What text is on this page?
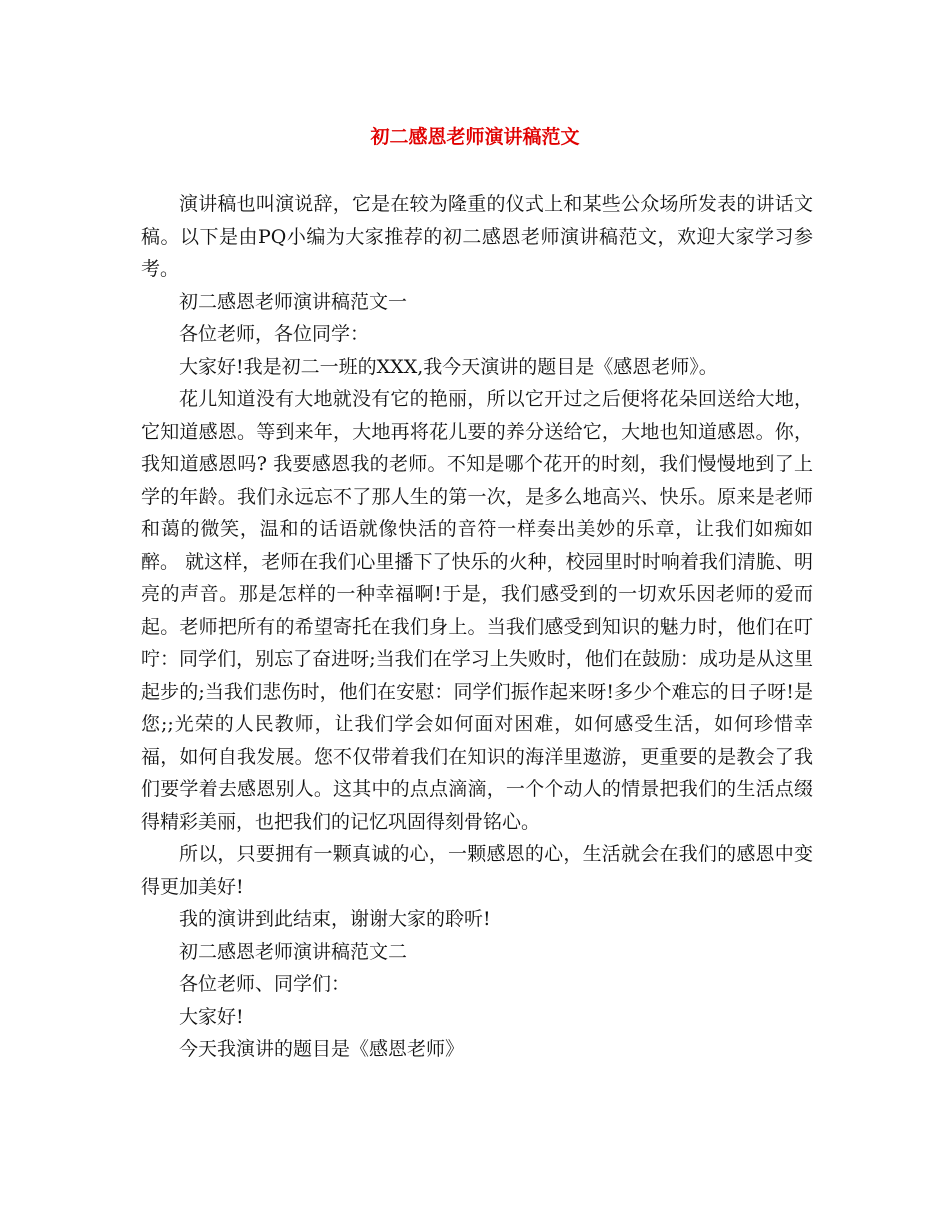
初二感恩老师演讲稿范文

演讲稿也叫演说辞，它是在较为隆重的仪式上和某些公众场所发表的讲话文稿。以下是由PQ小编为大家推荐的初二感恩老师演讲稿范文，欢迎大家学习参考。

初二感恩老师演讲稿范文一

各位老师，各位同学：

大家好!我是初二一班的XXX,我今天演讲的题目是《感恩老师》。

花儿知道没有大地就没有它的艳丽，所以它开过之后便将花朵回送给大地，它知道感恩。等到来年，大地再将花儿要的养分送给它，大地也知道感恩。你，我知道感恩吗? 我要感恩我的老师。不知是哪个花开的时刻，我们慢慢地到了上学的年龄。我们永远忘不了那人生的第一次，是多么地高兴、快乐。原来是老师和蔼的微笑，温和的话语就像快活的音符一样奏出美妙的乐章，让我们如痴如醉。 就这样，老师在我们心里播下了快乐的火种，校园里时时响着我们清脆、明亮的声音。那是怎样的一种幸福啊!于是，我们感受到的一切欢乐因老师的爱而起。老师把所有的希望寄托在我们身上。当我们感受到知识的魅力时，他们在叮咛：同学们，别忘了奋进呀;当我们在学习上失败时，他们在鼓励：成功是从这里起步的;当我们悲伤时，他们在安慰：同学们振作起来呀!多少个难忘的日子呀!是您;;光荣的人民教师，让我们学会如何面对困难，如何感受生活，如何珍惜幸福，如何自我发展。您不仅带着我们在知识的海洋里遨游，更重要的是教会了我们要学着去感恩别人。这其中的点点滴滴，一个个动人的情景把我们的生活点缀得精彩美丽，也把我们的记忆巩固得刻骨铭心。

所以，只要拥有一颗真诚的心，一颗感恩的心，生活就会在我们的感恩中变得更加美好!

我的演讲到此结束，谢谢大家的聆听!

初二感恩老师演讲稿范文二

各位老师、同学们：

大家好!

今天我演讲的题目是《感恩老师》
